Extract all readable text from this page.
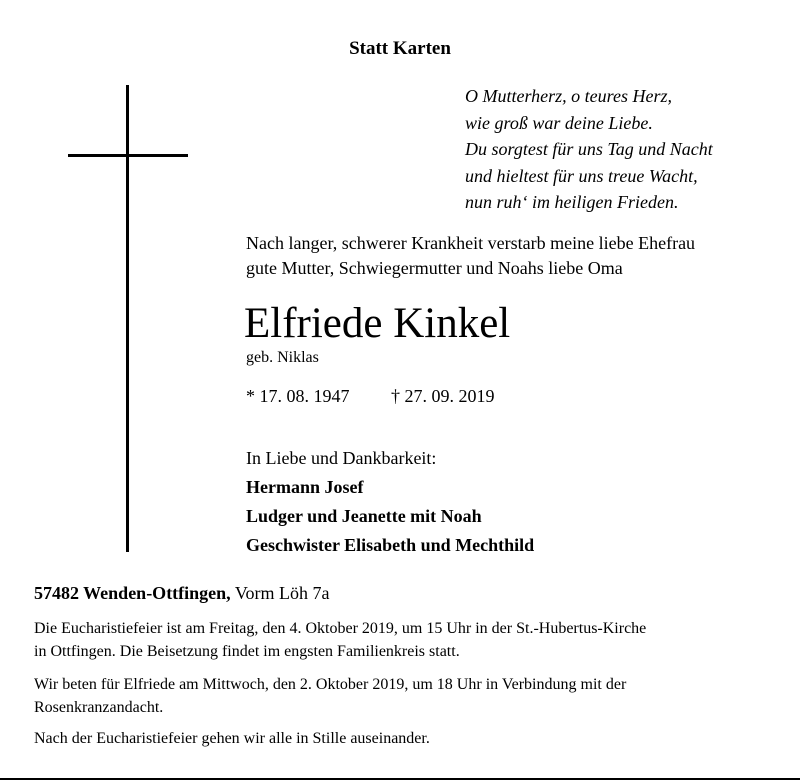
Statt Karten
O Mutterherz, o teures Herz,
wie groß war deine Liebe.
Du sorgtest für uns Tag und Nacht
und hieltest für uns treue Wacht,
nun ruh‘ im heiligen Frieden.
Nach langer, schwerer Krankheit verstarb meine liebe Ehefrau
gute Mutter, Schwiegermutter und Noahs liebe Oma
Elfriede Kinkel
geb. Niklas
* 17. 08. 1947 † 27. 09. 2019
In Liebe und Dankbarkeit:
Hermann Josef
Ludger und Jeanette mit Noah
Geschwister Elisabeth und Mechthild
57482 Wenden-Ottfingen, Vorm Löh 7a
Die Eucharistiefeier ist am Freitag, den 4. Oktober 2019, um 15 Uhr in der St.-Hubertus-Kirche
in Ottfingen. Die Beisetzung findet im engsten Familienkreis statt.
Wir beten für Elfriede am Mittwoch, den 2. Oktober 2019, um 18 Uhr in Verbindung mit der
Rosenkranzandacht.
Nach der Eucharistiefeier gehen wir alle in Stille auseinander.
